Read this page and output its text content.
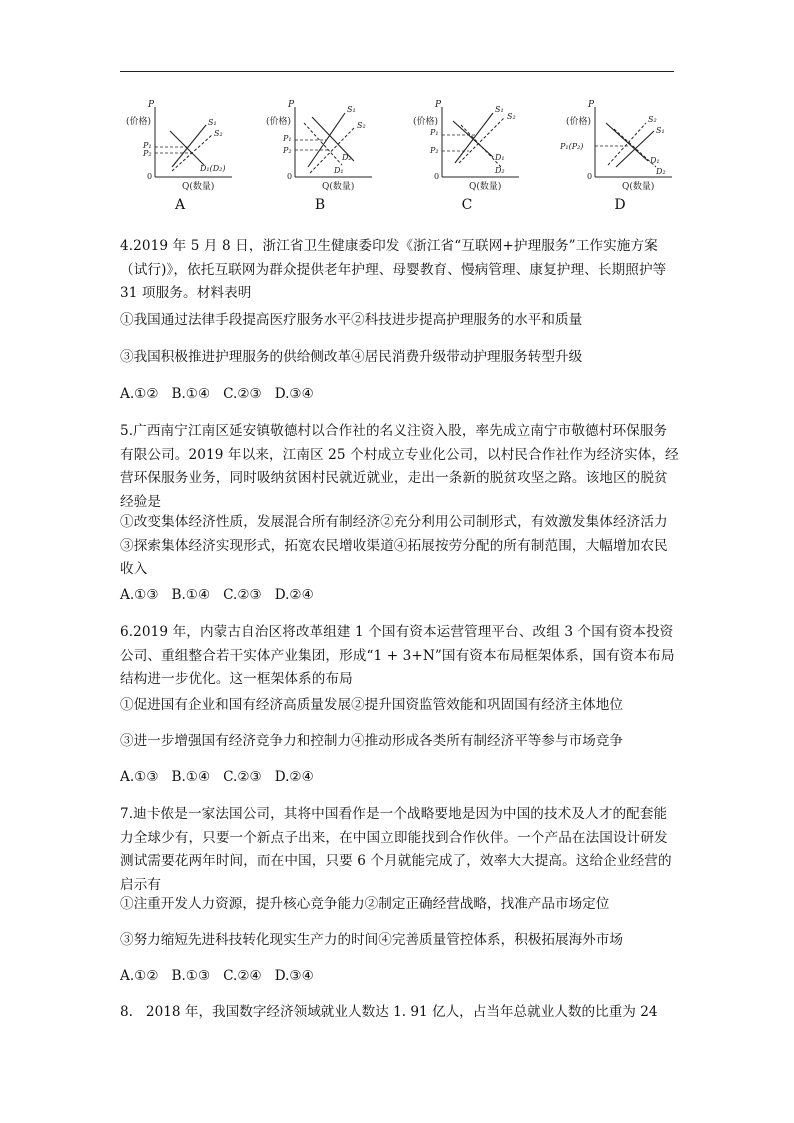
P
(价格)
0
Q(数量)
S₁
S₂
D₁(D₂)
P₁
P₂
A
P
(价格)
0
Q(数量)
S₁
S₂
D₂
D₁
P₁
P₂
B
P
(价格)
0
Q(数量)
S₁
S₂
D₁
D₂
P₁
P₂
C
P
(价格)
0
Q(数量)
S₂
S₁
D₁
D₂
P₁(P₂)
D

4.2019 年 5 月 8 日，浙江省卫生健康委印发《浙江省“互联网+护理服务”工作实施方案（试行)》，依托互联网为群众提供老年护理、母婴教育、慢病管理、康复护理、长期照护等 31 项服务。材料表明

①我国通过法律手段提高医疗服务水平②科技进步提高护理服务的水平和质量

③我国积极推进护理服务的供给侧改革④居民消费升级带动护理服务转型升级

A.①②   B.①④   C.②③   D.③④

5.广西南宁江南区延安镇敬德村以合作社的名义注资入股，率先成立南宁市敬德村环保服务有限公司。2019 年以来，江南区 25 个村成立专业化公司，以村民合作社作为经济实体，经营环保服务业务，同时吸纳贫困村民就近就业，走出一条新的脱贫攻坚之路。该地区的脱贫经验是

①改变集体经济性质，发展混合所有制经济②充分利用公司制形式，有效激发集体经济活力③探索集体经济实现形式，拓宽农民增收渠道④拓展按劳分配的所有制范围，大幅增加农民收入

A.①③   B.①④   C.②③   D.②④

6.2019 年，内蒙古自治区将改革组建 1 个国有资本运营管理平台、改组 3 个国有资本投资公司、重组整合若干实体产业集团，形成“1 + 3+N”国有资本布局框架体系，国有资本布局结构进一步优化。这一框架体系的布局

①促进国有企业和国有经济高质量发展②提升国资监管效能和巩固国有经济主体地位

③进一步增强国有经济竞争力和控制力④推动形成各类所有制经济平等参与市场竞争

A.①③   B.①④   C.②③   D.②④

7.迪卡侬是一家法国公司，其将中国看作是一个战略要地是因为中国的技术及人才的配套能力全球少有，只要一个新点子出来，在中国立即能找到合作伙伴。一个产品在法国设计研发测试需要花两年时间，而在中国，只要 6 个月就能完成了，效率大大提高。这给企业经营的启示有

①注重开发人力资源，提升核心竞争能力②制定正确经营战略，找准产品市场定位

③努力缩短先进科技转化现实生产力的时间④完善质量管控体系，积极拓展海外市场

A.①②   B.①③   C.②④   D.③④

8.   2018 年，我国数字经济领域就业人数达 1. 91 亿人，占当年总就业人数的比重为 24
